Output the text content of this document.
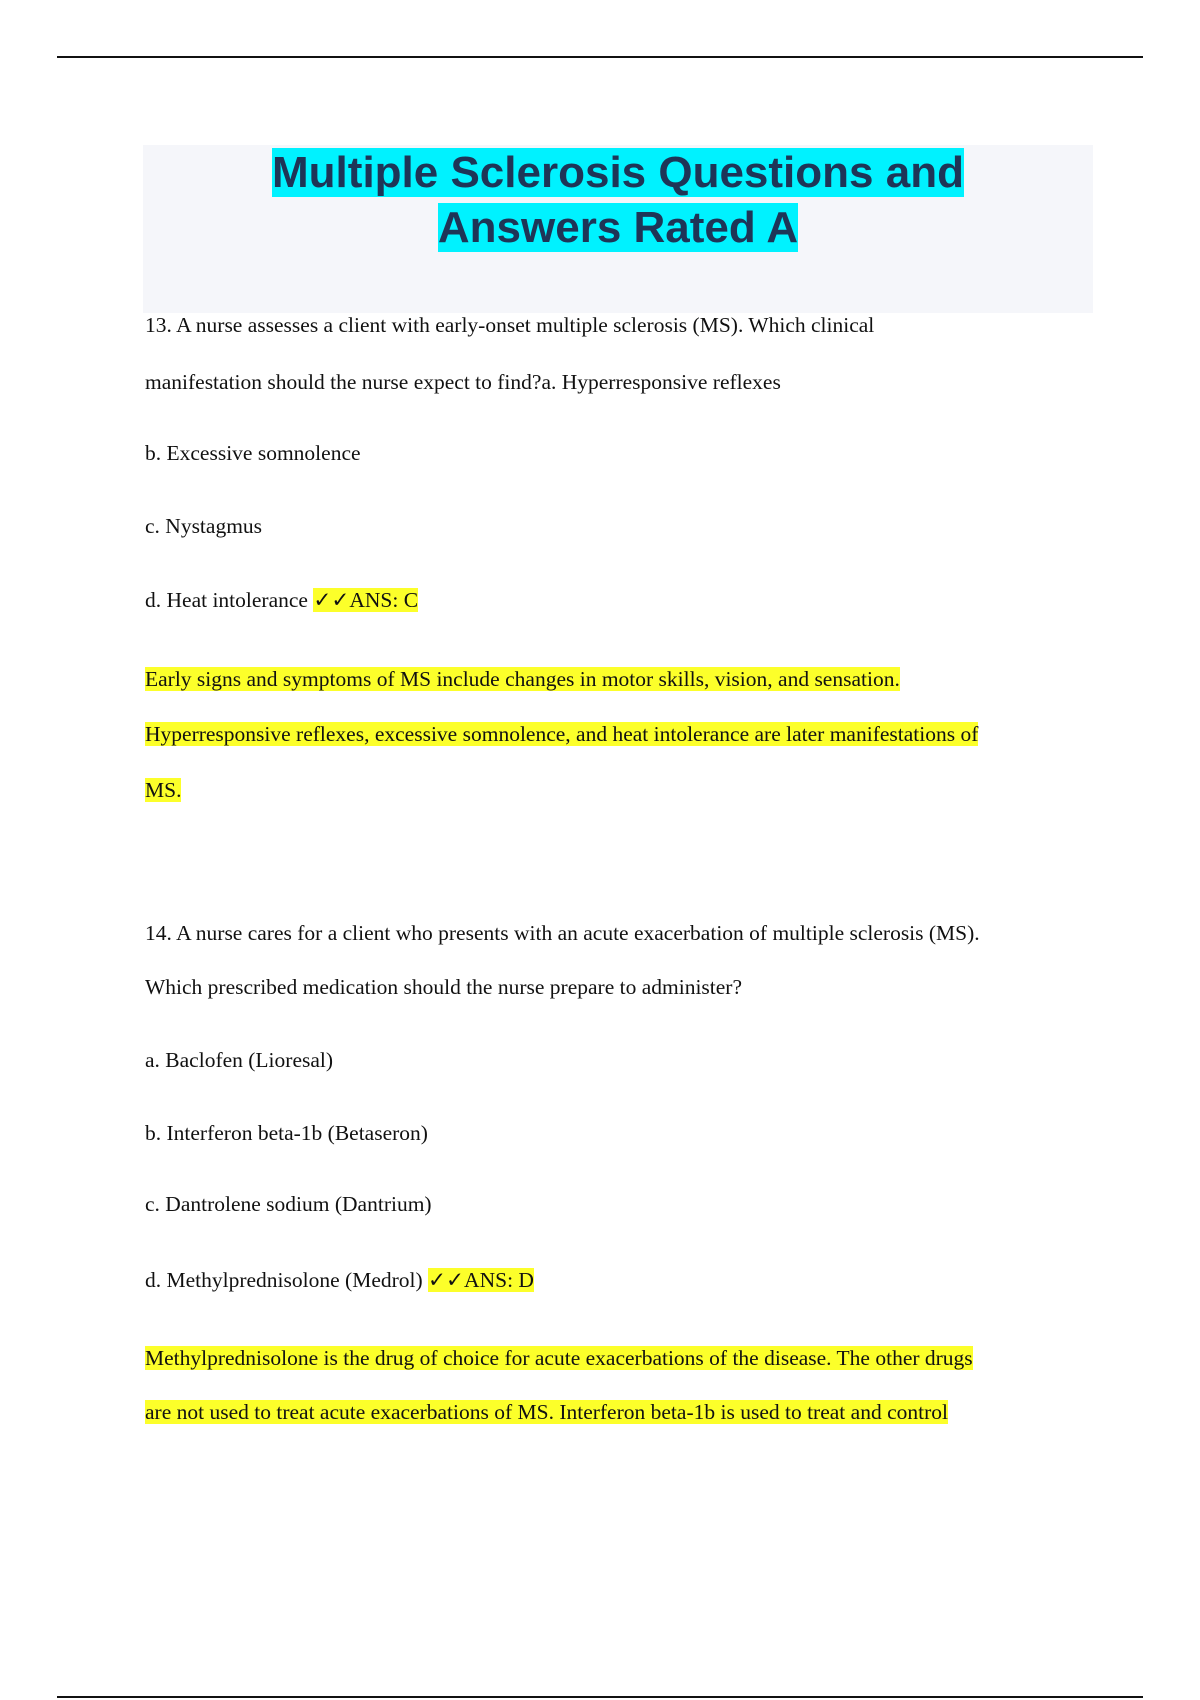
Multiple Sclerosis Questions and
Answers Rated A
13. A nurse assesses a client with early-onset multiple sclerosis (MS). Which clinical
manifestation should the nurse expect to find?a. Hyperresponsive reflexes
b. Excessive somnolence
c. Nystagmus
d. Heat intolerance ✓✓ANS: C
Early signs and symptoms of MS include changes in motor skills, vision, and sensation.
Hyperresponsive reflexes, excessive somnolence, and heat intolerance are later manifestations of
MS.
14. A nurse cares for a client who presents with an acute exacerbation of multiple sclerosis (MS).
Which prescribed medication should the nurse prepare to administer?
a. Baclofen (Lioresal)
b. Interferon beta-1b (Betaseron)
c. Dantrolene sodium (Dantrium)
d. Methylprednisolone (Medrol) ✓✓ANS: D
Methylprednisolone is the drug of choice for acute exacerbations of the disease. The other drugs
are not used to treat acute exacerbations of MS. Interferon beta-1b is used to treat and control
